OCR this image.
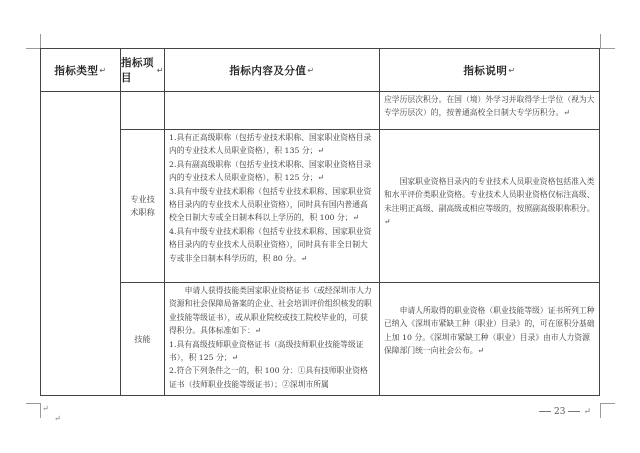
指标类型 ↵
指标项目
↵	指标内容及分值 ↵	指标说明 ↵

应学历层次积分。在国（境）外学习并取得学士学位（视为大专学历层次）的，按普通高校全日制大专学历积分。↵

专业技术职称

1.具有正高级职称（包括专业技术职称、国家职业资格目录内的专业技术人员职业资格），积 135 分；↵

2.具有副高级职称（包括专业技术职称、国家职业资格目录内的专业技术人员职业资格），积 125 分；↵

3.具有中级专业技术职称（包括专业技术职称、国家职业资格目录内的专业技术人员职业资格），同时具有国内普通高校全日制大专或全日制本科以上学历的，积 100 分；↵

4.具有中级专业技术职称（包括专业技术职称、国家职业资格目录内的专业技术人员职业资格），同时具有非全日制大专或非全日制本科学历的，积 80 分。↵

国家职业资格目录内的专业技术人员职业资格包括准入类和水平评价类职业资格。专业技术人员职业资格仅标注高级、未注明正高级、副高级或相应等级的，按照副高级职称积分。↵

技能

申请人获得技能类国家职业资格证书（或经深圳市人力资源和社会保障局备案的企业、社会培训评价组织核发的职业技能等级证书），或从职业院校或技工院校毕业的，可获得积分。具体标准如下：↵

1.具有高级技师职业资格证书（高级技师职业技能等级证书），积 125 分；↵

2.符合下列条件之一的，积 100 分：①具有技师职业资格证书（技师职业技能等级证书）；②深圳市所属

申请人所取得的职业资格（职业技能等级）证书所列工种已纳入《深圳市紧缺工种（职业）目录》的，可在原积分基础上加 10 分。《深圳市紧缺工种（职业）目录》由市人力资源保障部门统一向社会公布。↵

↵
↵
23 ↵
